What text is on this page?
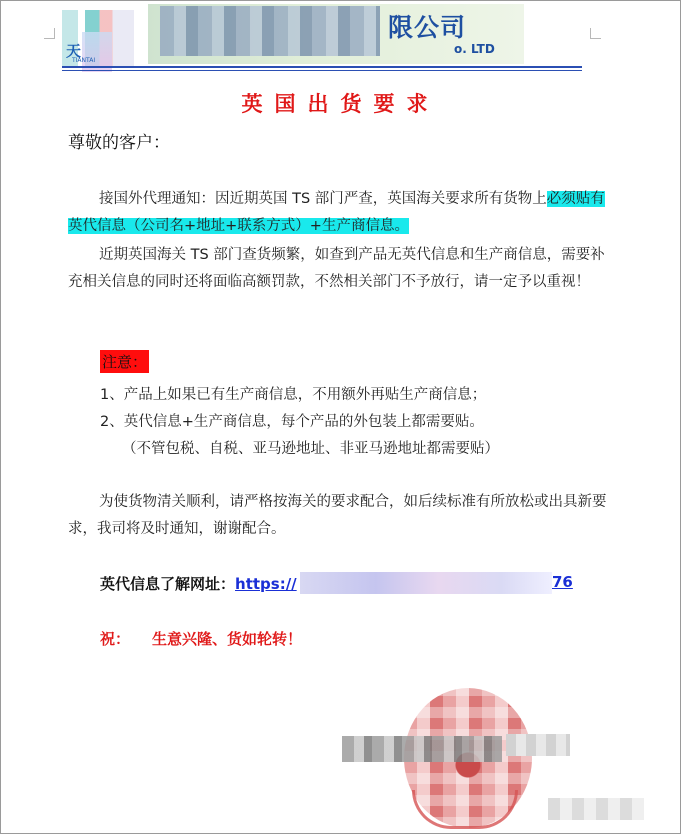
天
TIANTAI
限公司
o. LTD
英国出货要求
尊敬的客户：

接国外代理通知：因近期英国 TS 部门严查，英国海关要求所有货物上必须贴有英代信息（公司名+地址+联系方式）+生产商信息。

近期英国海关 TS 部门查货频繁，如查到产品无英代信息和生产商信息，需要补充相关信息的同时还将面临高额罚款，不然相关部门不予放行，请一定予以重视！

注意：
1、产品上如果已有生产商信息，不用额外再贴生产商信息；
2、英代信息+生产商信息，每个产品的外包装上都需要贴。
（不管包税、自税、亚马逊地址、非亚马逊地址都需要贴）

为使货物清关顺利，请严格按海关的要求配合，如后续标准有所放松或出具新要求，我司将及时通知，谢谢配合。

英代信息了解网址：https://	76
祝： 生意兴隆、货如轮转！
